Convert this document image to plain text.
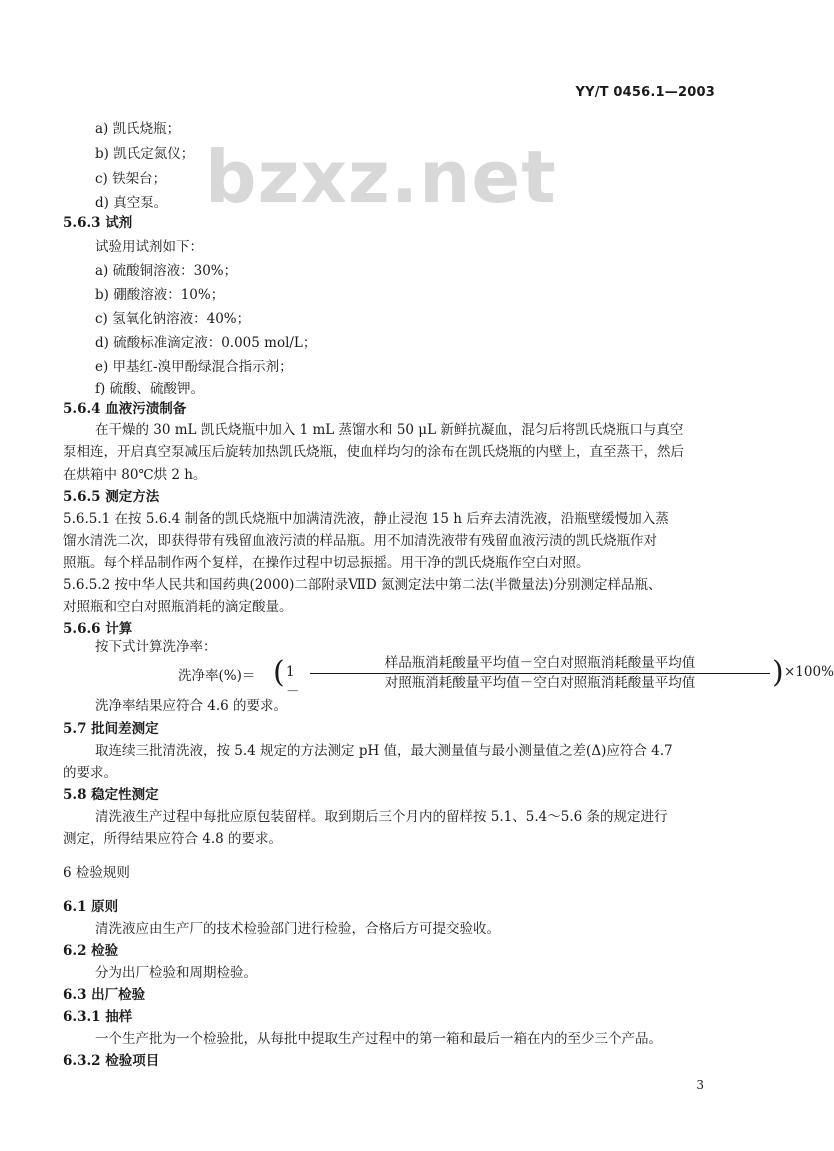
YY/T 0456.1—2003
bzxz.net
a) 凯氏烧瓶；
b) 凯氏定氮仪；
c) 铁架台；
d) 真空泵。
5.6.3 试剂
试验用试剂如下：
a) 硫酸铜溶液：30%；
b) 硼酸溶液：10%；
c) 氢氧化钠溶液：40%；
d) 硫酸标准滴定液：0.005 mol/L；
e) 甲基红-溴甲酚绿混合指示剂；
f) 硫酸、硫酸钾。
5.6.4 血液污渍制备
在干燥的 30 mL 凯氏烧瓶中加入 1 mL 蒸馏水和 50 μL 新鲜抗凝血，混匀后将凯氏烧瓶口与真空
泵相连，开启真空泵减压后旋转加热凯氏烧瓶，使血样均匀的涂布在凯氏烧瓶的内壁上，直至蒸干，然后
在烘箱中 80℃烘 2 h。
5.6.5 测定方法
5.6.5.1 在按 5.6.4 制备的凯氏烧瓶中加满清洗液，静止浸泡 15 h 后弃去清洗液，沿瓶壁缓慢加入蒸
馏水清洗二次，即获得带有残留血液污渍的样品瓶。用不加清洗液带有残留血液污渍的凯氏烧瓶作对
照瓶。每个样品制作两个复样，在操作过程中切忌振摇。用干净的凯氏烧瓶作空白对照。
5.6.5.2 按中华人民共和国药典(2000)二部附录ⅦD 氮测定法中第二法(半微量法)分别测定样品瓶、
对照瓶和空白对照瓶消耗的滴定酸量。
5.6.6 计算
按下式计算洗净率：
洗净率结果应符合 4.6 的要求。
5.7 批间差测定
取连续三批清洗液，按 5.4 规定的方法测定 pH 值，最大测量值与最小测量值之差(Δ)应符合 4.7
的要求。
5.8 稳定性测定
清洗液生产过程中每批应原包装留样。取到期后三个月内的留样按 5.1、5.4～5.6 条的规定进行
测定，所得结果应符合 4.8 的要求。
6 检验规则
6.1 原则
清洗液应由生产厂的技术检验部门进行检验，合格后方可提交验收。
6.2 检验
分为出厂检验和周期检验。
6.3 出厂检验
6.3.1 抽样
一个生产批为一个检验批，从每批中提取生产过程中的第一箱和最后一箱在内的至少三个产品。
6.3.2 检验项目
洗净率(%)＝ ( 1－
样品瓶消耗酸量平均值－空白对照瓶消耗酸量平均值
对照瓶消耗酸量平均值－空白对照瓶消耗酸量平均值	) ×100%
3
